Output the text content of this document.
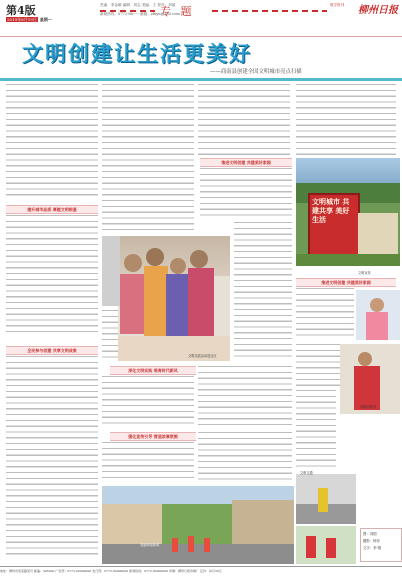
第4版
2019年8月19日 星期一
责编：李金娥 编辑：刘志 美编：王 校对：刘斌
新闻热线：0772-86----- 邮箱：zhiyu@163.com
专 题	数字报刊 柳州日报
文明创建让生活更美好
——商南县创建全国文明城市亮点扫描
提升城市品质 厚植文明根基
全民参与创建 共享文明成果
推进文明创建 共建美好家园
文明城市 共建共享 美好生活
文明宣传
文明实践活动进社区
深化文明实践 培育时代新风
强化宣传引导 营造浓厚氛围
推进文明创建 共建美好家园
巾帼志愿者
美丽商南新城
图：刘国
摄影：杨东
文字：李 刚
文明交通
地址：柳州市某某路某号 邮编：545000 广告部：0772-00000000 发行部：0772-00000000 新闻热线：0772-00000000 印刷：柳州日报印刷厂 定价：每月30元
